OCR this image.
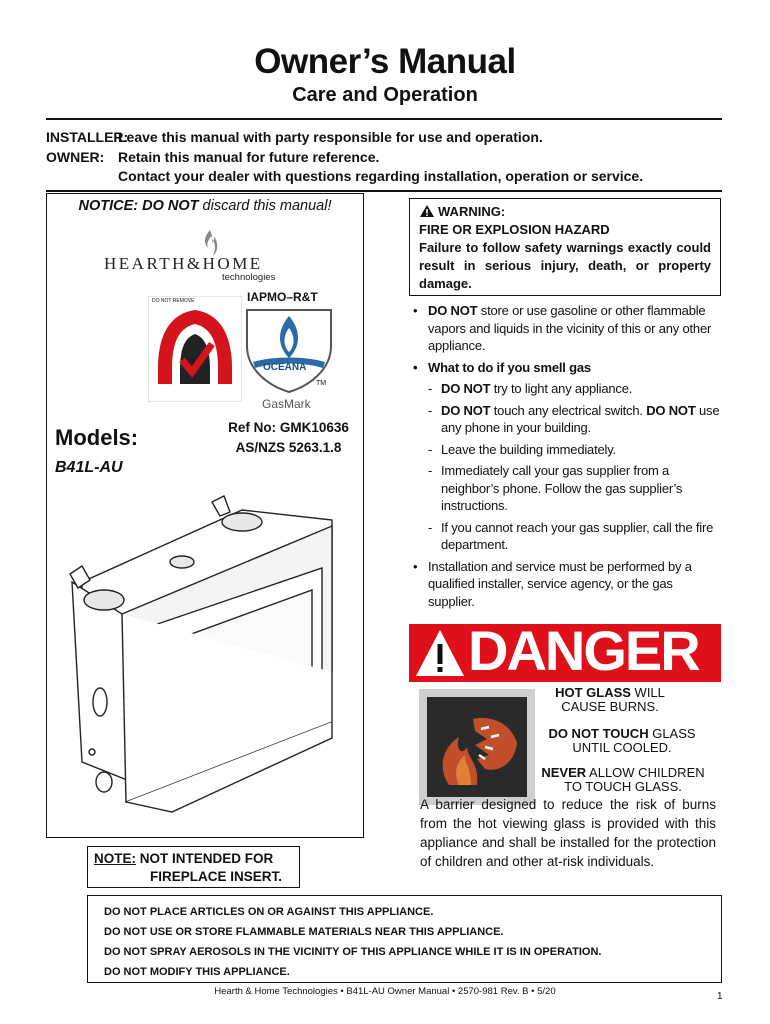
Owner’s Manual
Care and Operation
INSTALLER:Leave this manual with party responsible for use and operation.
OWNER: Retain this manual for future reference.
Contact your dealer with questions regarding installation, operation or service.
NOTICE: DO NOT discard this manual!
HEARTH&HOME
technologies
DO NOT REMOVE	IAPMO–R&T
OCEANA
TM
GasMark
Models:
B41L-AU
Ref No: GMK10636
AS/NZS 5263.1.8
NOTE: NOT INTENDED FOR
FIREPLACE INSERT.
WARNING:
FIRE OR EXPLOSION HAZARD
Failure to follow safety warnings exactly could result in serious injury, death, or property damage.
• DO NOT store or use gasoline or other flammable vapors and liquids in the vicinity of this or any other appliance.
• What to do if you smell gas
- DO NOT try to light any appliance.
- DO NOT touch any electrical switch. DO NOT use any phone in your building.
- Leave the building immediately.
- Immediately call your gas supplier from a neighbor’s phone. Follow the gas supplier’s instructions.
- If you cannot reach your gas supplier, call the fire department.
• Installation and service must be performed by a qualified installer, service agency, or the gas supplier.
DANGER
HOT GLASS WILL
CAUSE BURNS.
DO NOT TOUCH GLASS
UNTIL COOLED.
NEVER ALLOW CHILDREN
TO TOUCH GLASS.
A barrier designed to reduce the risk of burns from the hot viewing glass is provided with this appliance and shall be installed for the protection of children and other at-risk individuals.
DO NOT PLACE ARTICLES ON OR AGAINST THIS APPLIANCE.
DO NOT USE OR STORE FLAMMABLE MATERIALS NEAR THIS APPLIANCE.
DO NOT SPRAY AEROSOLS IN THE VICINITY OF THIS APPLIANCE WHILE IT IS IN OPERATION.
DO NOT MODIFY THIS APPLIANCE.
Hearth & Home Technologies • B41L-AU Owner Manual • 2570-981 Rev. B • 5/20	1
